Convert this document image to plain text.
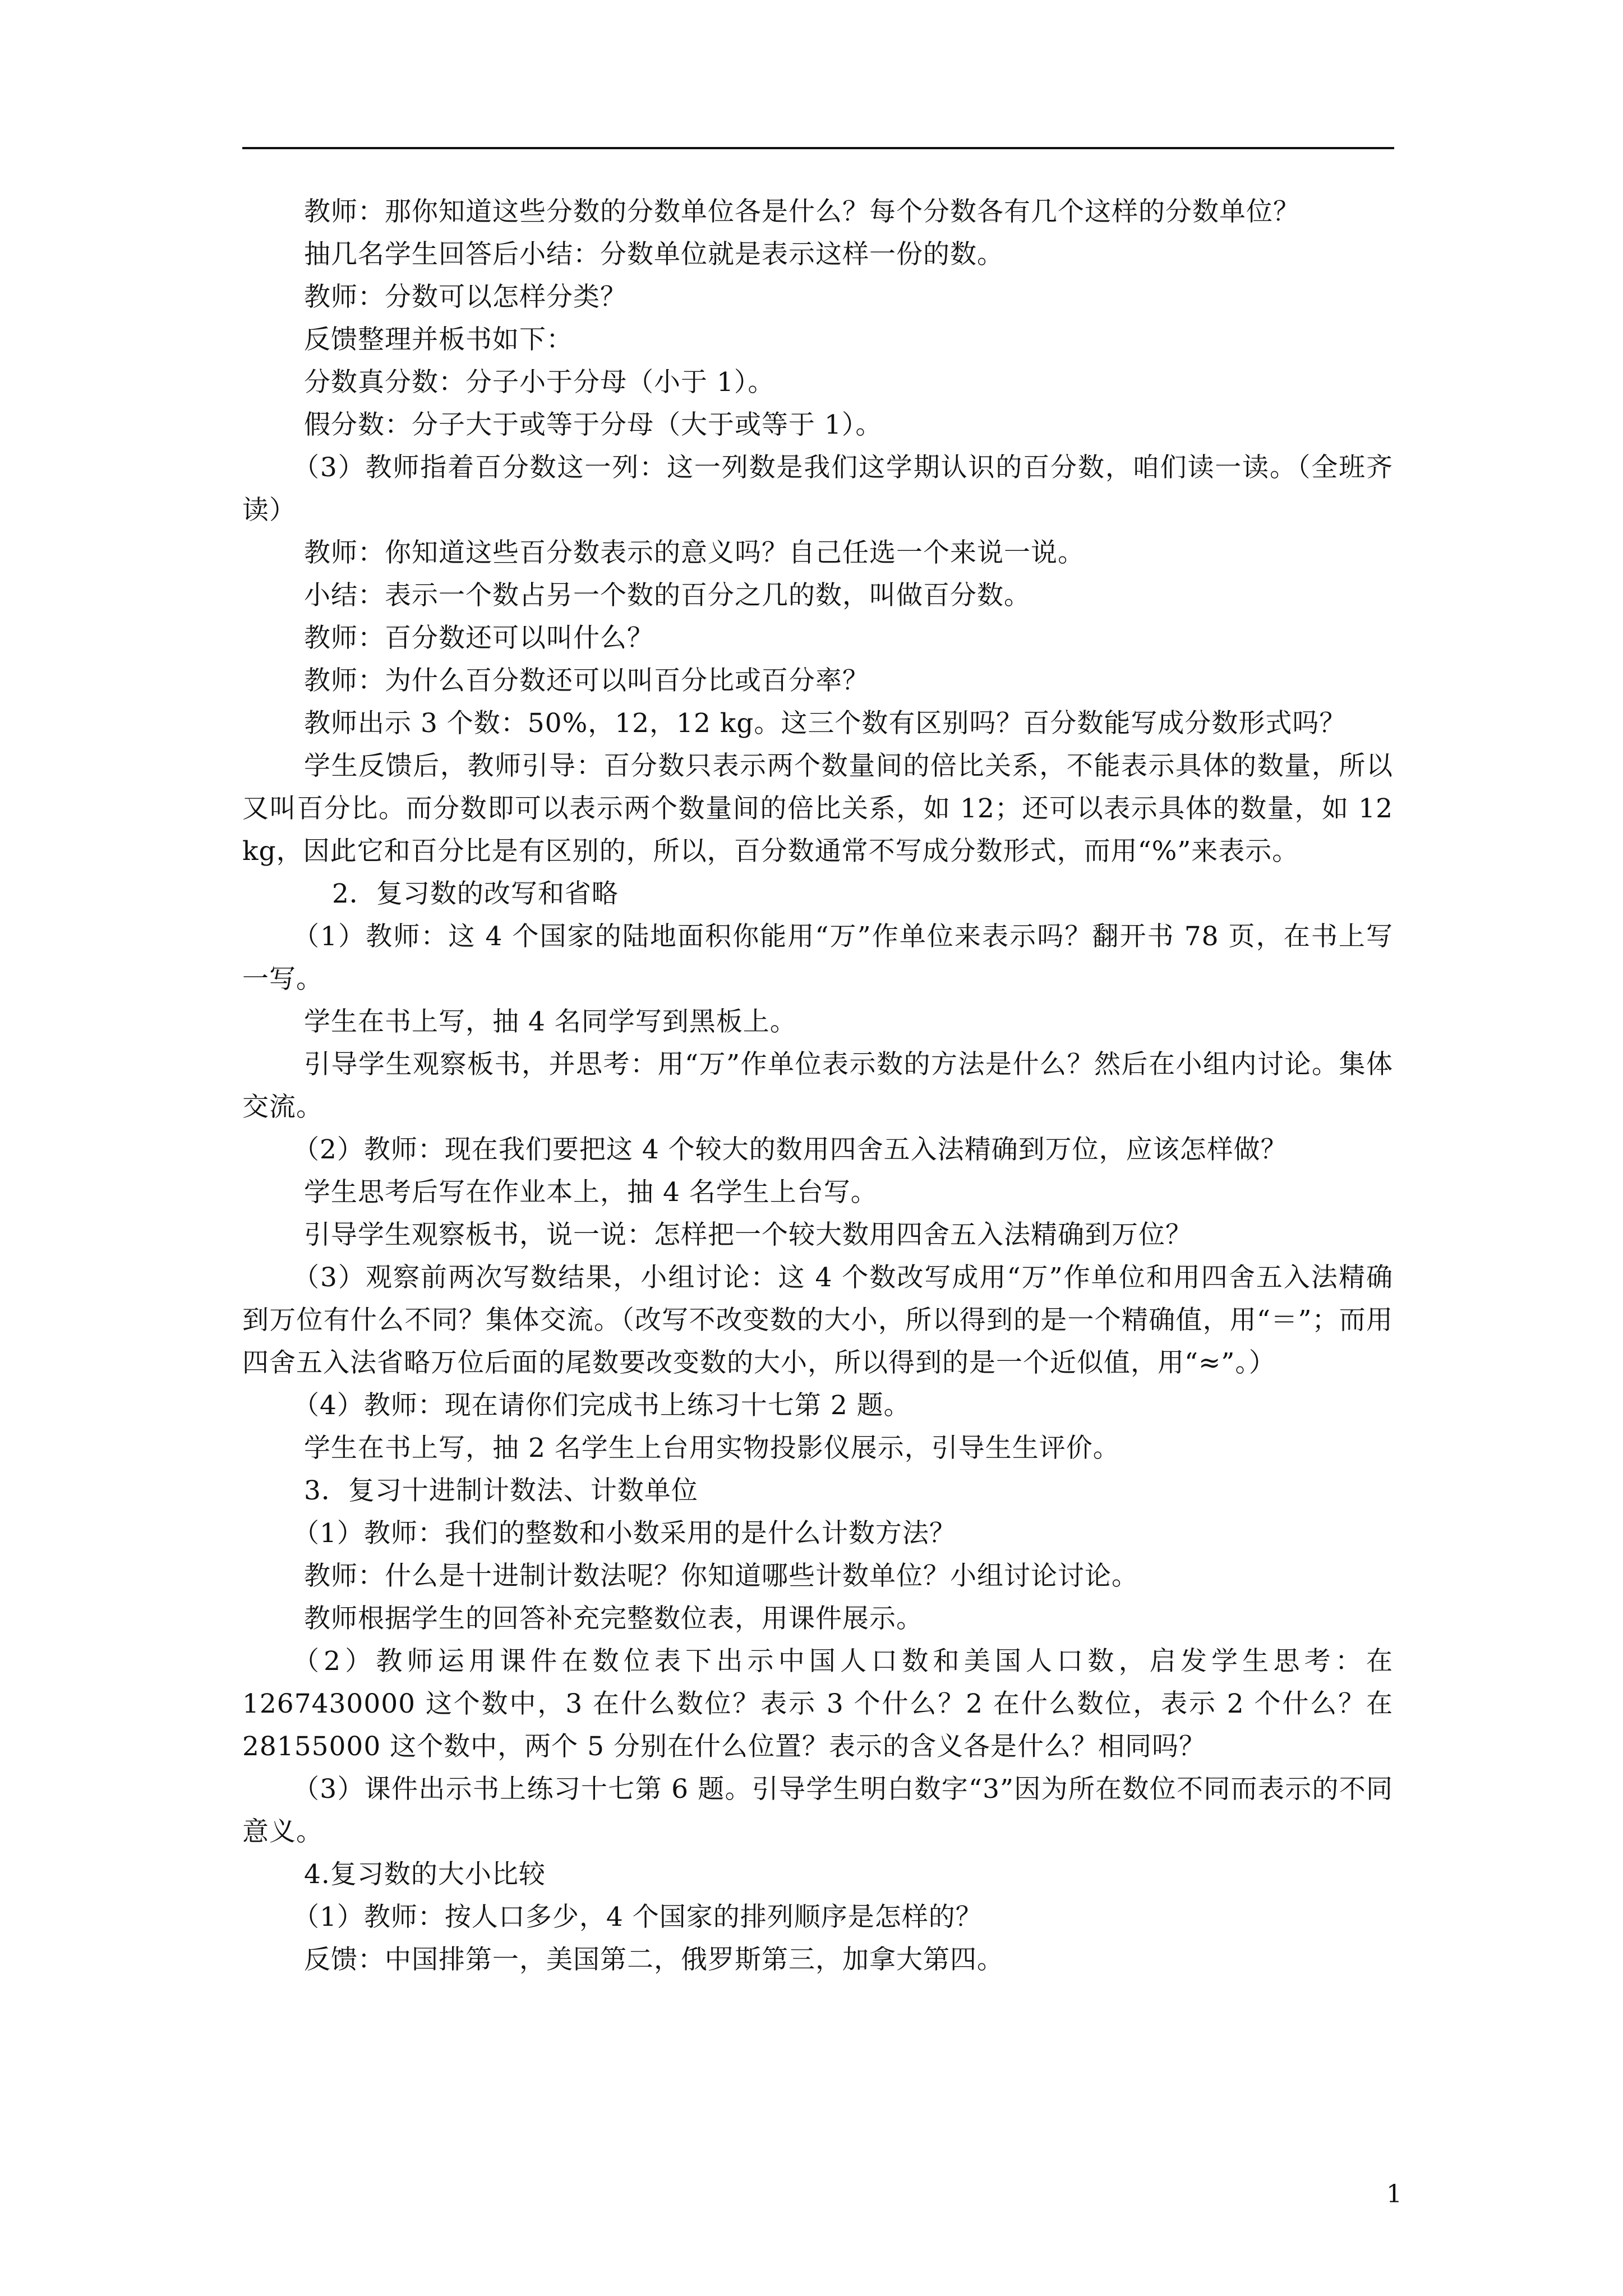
教师：那你知道这些分数的分数单位各是什么？每个分数各有几个这样的分数单位？

抽几名学生回答后小结：分数单位就是表示这样一份的数。

教师：分数可以怎样分类？

反馈整理并板书如下：

分数真分数：分子小于分母（小于 1）。

假分数：分子大于或等于分母（大于或等于 1）。

（3）教师指着百分数这一列：这一列数是我们这学期认识的百分数，咱们读一读。（全班齐读）

教师：你知道这些百分数表示的意义吗？自己任选一个来说一说。

小结：表示一个数占另一个数的百分之几的数，叫做百分数。

教师：百分数还可以叫什么？

教师：为什么百分数还可以叫百分比或百分率？

教师出示 3 个数：50%，12，12 kg。这三个数有区别吗？百分数能写成分数形式吗？

学生反馈后，教师引导：百分数只表示两个数量间的倍比关系，不能表示具体的数量，所以又叫百分比。而分数即可以表示两个数量间的倍比关系，如 12；还可以表示具体的数量，如 12 kg，因此它和百分比是有区别的，所以，百分数通常不写成分数形式，而用“%”来表示。

2．复习数的改写和省略

（1）教师：这 4 个国家的陆地面积你能用“万”作单位来表示吗？翻开书 78 页，在书上写一写。

学生在书上写，抽 4 名同学写到黑板上。

引导学生观察板书，并思考：用“万”作单位表示数的方法是什么？然后在小组内讨论。集体交流。

（2）教师：现在我们要把这 4 个较大的数用四舍五入法精确到万位，应该怎样做？

学生思考后写在作业本上，抽 4 名学生上台写。

引导学生观察板书，说一说：怎样把一个较大数用四舍五入法精确到万位？

（3）观察前两次写数结果，小组讨论：这 4 个数改写成用“万”作单位和用四舍五入法精确到万位有什么不同？集体交流。（改写不改变数的大小，所以得到的是一个精确值，用“＝”；而用四舍五入法省略万位后面的尾数要改变数的大小，所以得到的是一个近似值，用“≈”。）

（4）教师：现在请你们完成书上练习十七第 2 题。

学生在书上写，抽 2 名学生上台用实物投影仪展示，引导生生评价。

3．复习十进制计数法、计数单位

（1）教师：我们的整数和小数采用的是什么计数方法？

教师：什么是十进制计数法呢？你知道哪些计数单位？小组讨论讨论。

教师根据学生的回答补充完整数位表，用课件展示。

（2）教师运用课件在数位表下出示中国人口数和美国人口数，启发学生思考：在1267430000 这个数中，3 在什么数位？表示 3 个什么？2 在什么数位，表示 2 个什么？在28155000 这个数中，两个 5 分别在什么位置？表示的含义各是什么？相同吗？

（3）课件出示书上练习十七第 6 题。引导学生明白数字“3”因为所在数位不同而表示的不同意义。

4.复习数的大小比较

（1）教师：按人口多少，4 个国家的排列顺序是怎样的？

反馈：中国排第一，美国第二，俄罗斯第三，加拿大第四。

1
